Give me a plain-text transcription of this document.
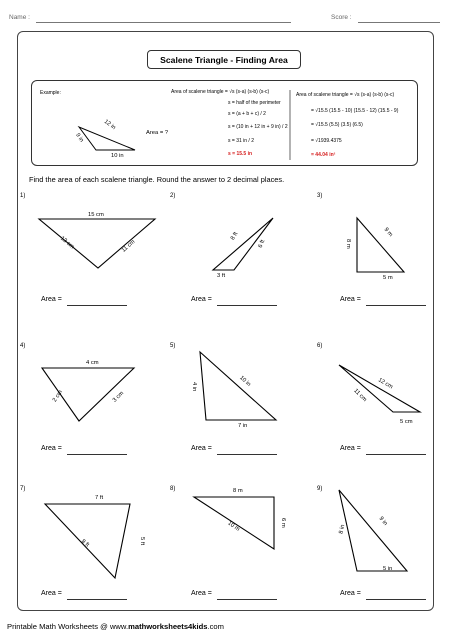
Name :	Score :
Scalene Triangle - Finding Area
Example:
12 in
9 in
10 in
Area = ?
Area of scalene triangle = √s (s-a) (s-b) (s-c)
s = half of the perimeter
s = (a + b + c) / 2
s = (10 in + 12 in + 9 in) / 2
s = 31 in / 2
s = 15.5 in
Area of scalene triangle = √s (s-a) (s-b) (s-c)
= √15.5 (15.5 - 10) (15.5 - 12) (15.5 - 9)
= √15.5 (5.5) (3.5) (6.5)
= √1939.4375
= 44.04 in²
Find the area of each scalene triangle. Round the answer to 2 decimal places.
1)	2)	3)
4)	5)	6)
7)	8)	9)
15 cm
13 cm	11 cm
8 ft
6 ft
3 ft
8 m
9 m
5 m
4 cm
2 cm	3 cm
4 in	10 in
7 in
12 cm
11 cm
5 cm
7 ft
8 ft	5 ft
8 m
10 m	6 m
8 in
9 in
5 in
Area =	Area =	Area =
Area =	Area =	Area =
Area =	Area =	Area =
Printable Math Worksheets @ www.mathworksheets4kids.com
